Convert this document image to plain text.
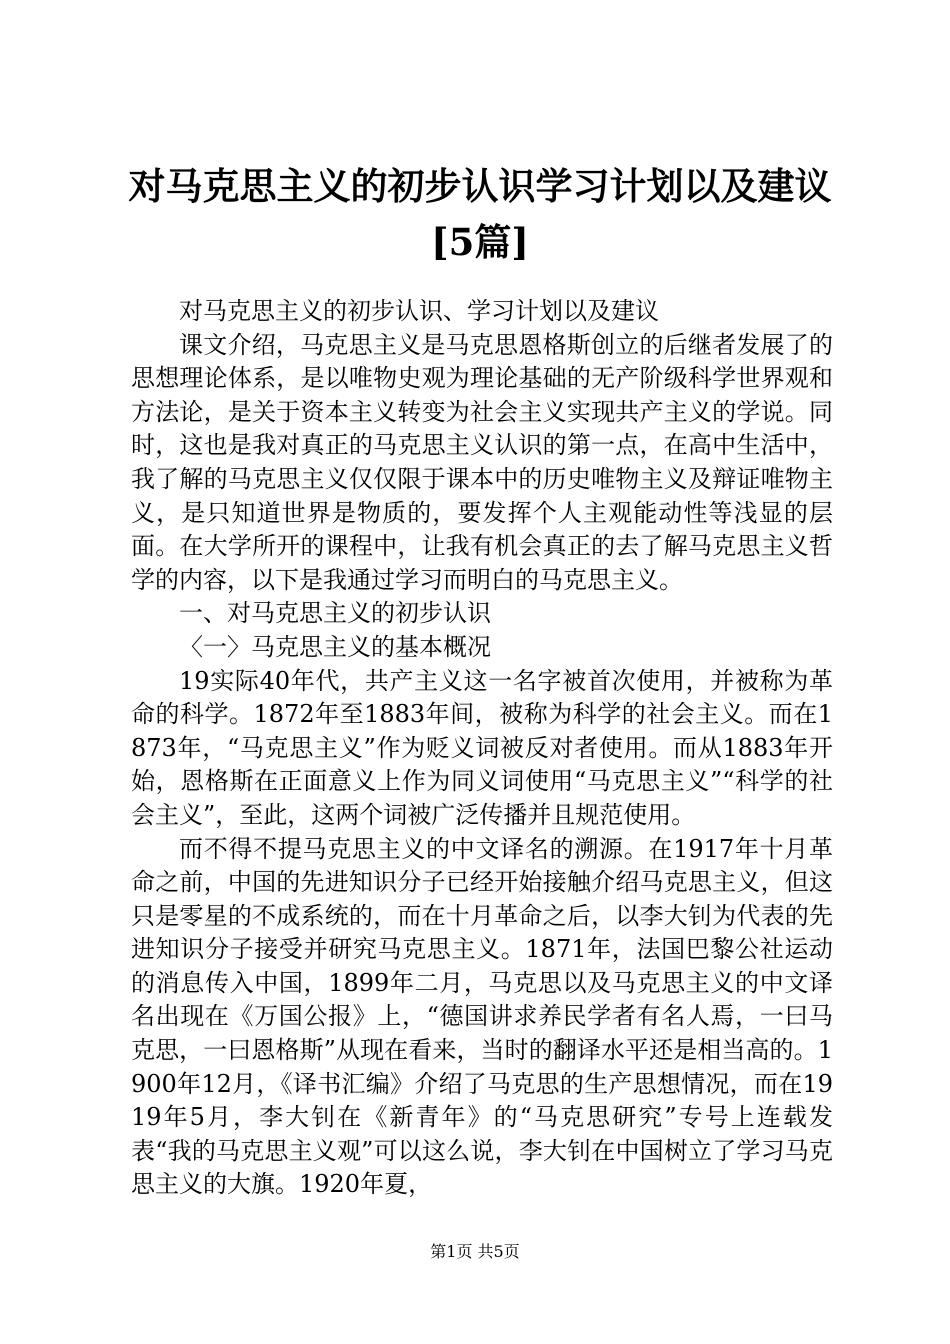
对马克思主义的初步认识学习计划以及建议[5篇]

对马克思主义的初步认识、学习计划以及建议

课文介绍，马克思主义是马克思恩格斯创立的后继者发展了的思想理论体系，是以唯物史观为理论基础的无产阶级科学世界观和方法论，是关于资本主义转变为社会主义实现共产主义的学说。同时，这也是我对真正的马克思主义认识的第一点，在高中生活中，我了解的马克思主义仅仅限于课本中的历史唯物主义及辩证唯物主义，是只知道世界是物质的，要发挥个人主观能动性等浅显的层面。在大学所开的课程中，让我有机会真正的去了解马克思主义哲学的内容，以下是我通过学习而明白的马克思主义。

一、对马克思主义的初步认识

〈一〉马克思主义的基本概况

19实际40年代，共产主义这一名字被首次使用，并被称为革命的科学。1872年至1883年间，被称为科学的社会主义。而在1873年，“马克思主义”作为贬义词被反对者使用。而从1883年开始，恩格斯在正面意义上作为同义词使用“马克思主义”“科学的社会主义”，至此，这两个词被广泛传播并且规范使用。

而不得不提马克思主义的中文译名的溯源。在1917年十月革命之前，中国的先进知识分子已经开始接触介绍马克思主义，但这只是零星的不成系统的，而在十月革命之后，以李大钊为代表的先进知识分子接受并研究马克思主义。1871年，法国巴黎公社运动的消息传入中国，1899年二月，马克思以及马克思主义的中文译名出现在《万国公报》上，“德国讲求养民学者有名人焉，一曰马克思，一曰恩格斯”从现在看来，当时的翻译水平还是相当高的。1900年12月，《译书汇编》介绍了马克思的生产思想情况，而在1919年5月，李大钊在《新青年》的“马克思研究”专号上连载发表“我的马克思主义观”可以这么说，李大钊在中国树立了学习马克思主义的大旗。1920年夏，

第1页 共5页
